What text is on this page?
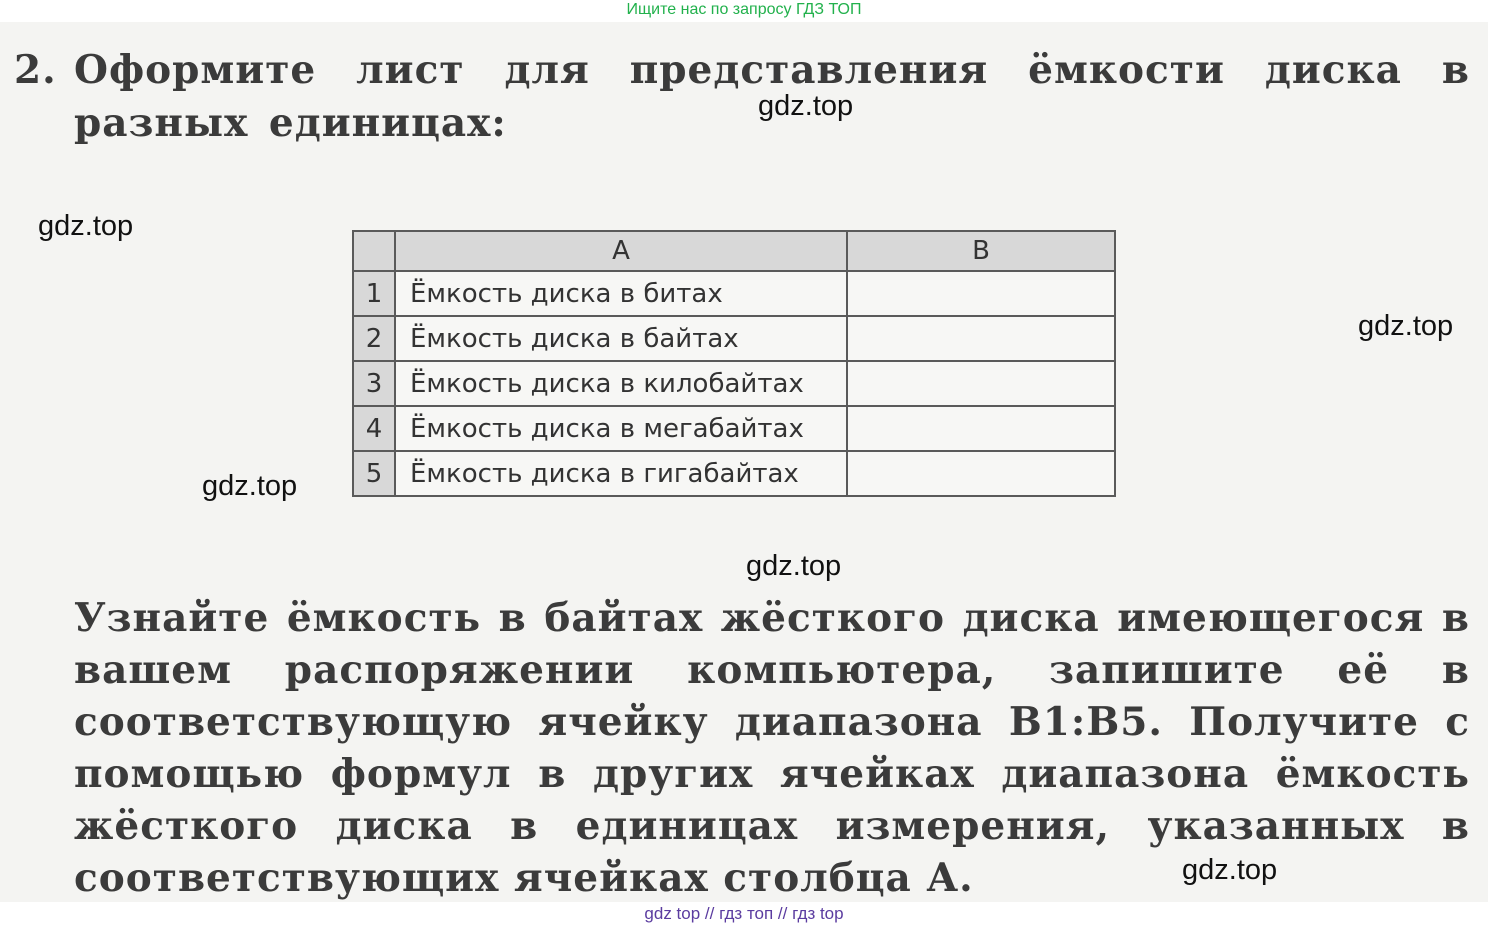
Ищите нас по запросу ГДЗ ТОП
2. Оформите лист для представления ёмкости диска в разных единицах:
	A	B
1	Ёмкость диска в битах	
2	Ёмкость диска в байтах	
3	Ёмкость диска в килобайтах	
4	Ёмкость диска в мегабайтах	
5	Ёмкость диска в гигабайтах	
Узнайте ёмкость в байтах жёсткого диска имеющегося в вашем распоряжении компьютера, запишите её в соответствующую ячейку диапазона B1:B5. Получите с помощью формул в других ячейках диапазона ёмкость жёсткого диска в единицах измерения, указанных в соответствующих ячейках столбца А.
gdz.top
gdz.top
gdz.top
gdz.top
gdz.top
gdz.top
gdz top // гдз топ // гдз top
